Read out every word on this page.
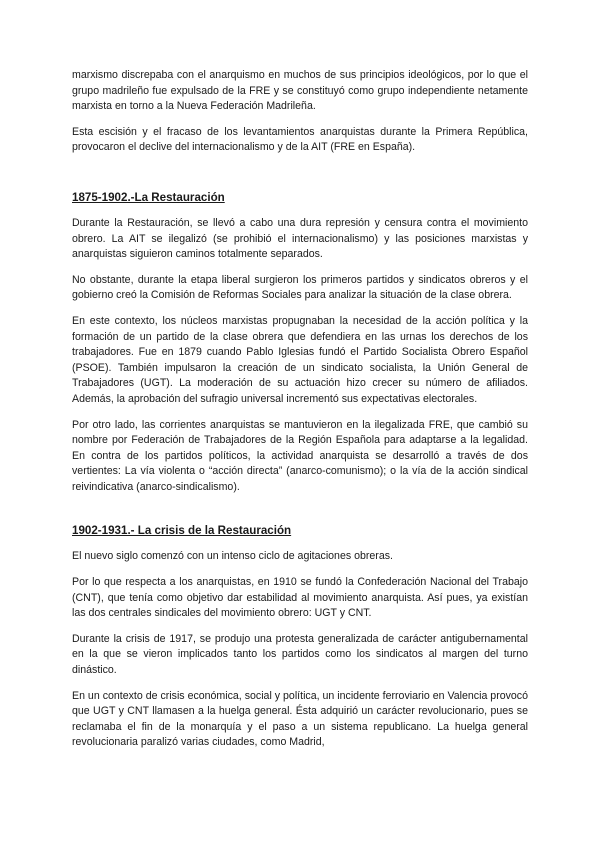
marxismo discrepaba con el anarquismo en muchos de sus principios ideológicos, por lo que el grupo madrileño fue expulsado de la FRE y se constituyó como grupo independiente netamente marxista en torno a la Nueva Federación Madrileña.

Esta escisión y el fracaso de los levantamientos anarquistas durante la Primera República, provocaron el declive del internacionalismo y de la AIT (FRE en España).

1875-1902.-La Restauración

Durante la Restauración, se llevó a cabo una dura represión y censura contra el movimiento obrero. La AIT se ilegalizó (se prohibió el internacionalismo) y las posiciones marxistas y anarquistas siguieron caminos totalmente separados.

No obstante, durante la etapa liberal surgieron los primeros partidos y sindicatos obreros y el gobierno creó la Comisión de Reformas Sociales para analizar la situación de la clase obrera.

En este contexto, los núcleos marxistas propugnaban la necesidad de la acción política y la formación de un partido de la clase obrera que defendiera en las urnas los derechos de los trabajadores. Fue en 1879 cuando Pablo Iglesias fundó el Partido Socialista Obrero Español (PSOE). También impulsaron la creación de un sindicato socialista, la Unión General de Trabajadores (UGT). La moderación de su actuación hizo crecer su número de afiliados. Además, la aprobación del sufragio universal incrementó sus expectativas electorales.

Por otro lado, las corrientes anarquistas se mantuvieron en la ilegalizada FRE, que cambió su nombre por Federación de Trabajadores de la Región Española para adaptarse a la legalidad. En contra de los partidos políticos, la actividad anarquista se desarrolló a través de dos vertientes: La vía violenta o “acción directa” (anarco-comunismo); o la vía de la acción sindical reivindicativa (anarco-sindicalismo).

1902-1931.- La crisis de la Restauración

El nuevo siglo comenzó con un intenso ciclo de agitaciones obreras.

Por lo que respecta a los anarquistas, en 1910 se fundó la Confederación Nacional del Trabajo (CNT), que tenía como objetivo dar estabilidad al movimiento anarquista. Así pues, ya existían las dos centrales sindicales del movimiento obrero: UGT y CNT.

Durante la crisis de 1917, se produjo una protesta generalizada de carácter antigubernamental en la que se vieron implicados tanto los partidos como los sindicatos al margen del turno dinástico.

En un contexto de crisis económica, social y política, un incidente ferroviario en Valencia provocó que UGT y CNT llamasen a la huelga general. Ésta adquirió un carácter revolucionario, pues se reclamaba el fin de la monarquía y el paso a un sistema republicano. La huelga general revolucionaria paralizó varias ciudades, como Madrid,
